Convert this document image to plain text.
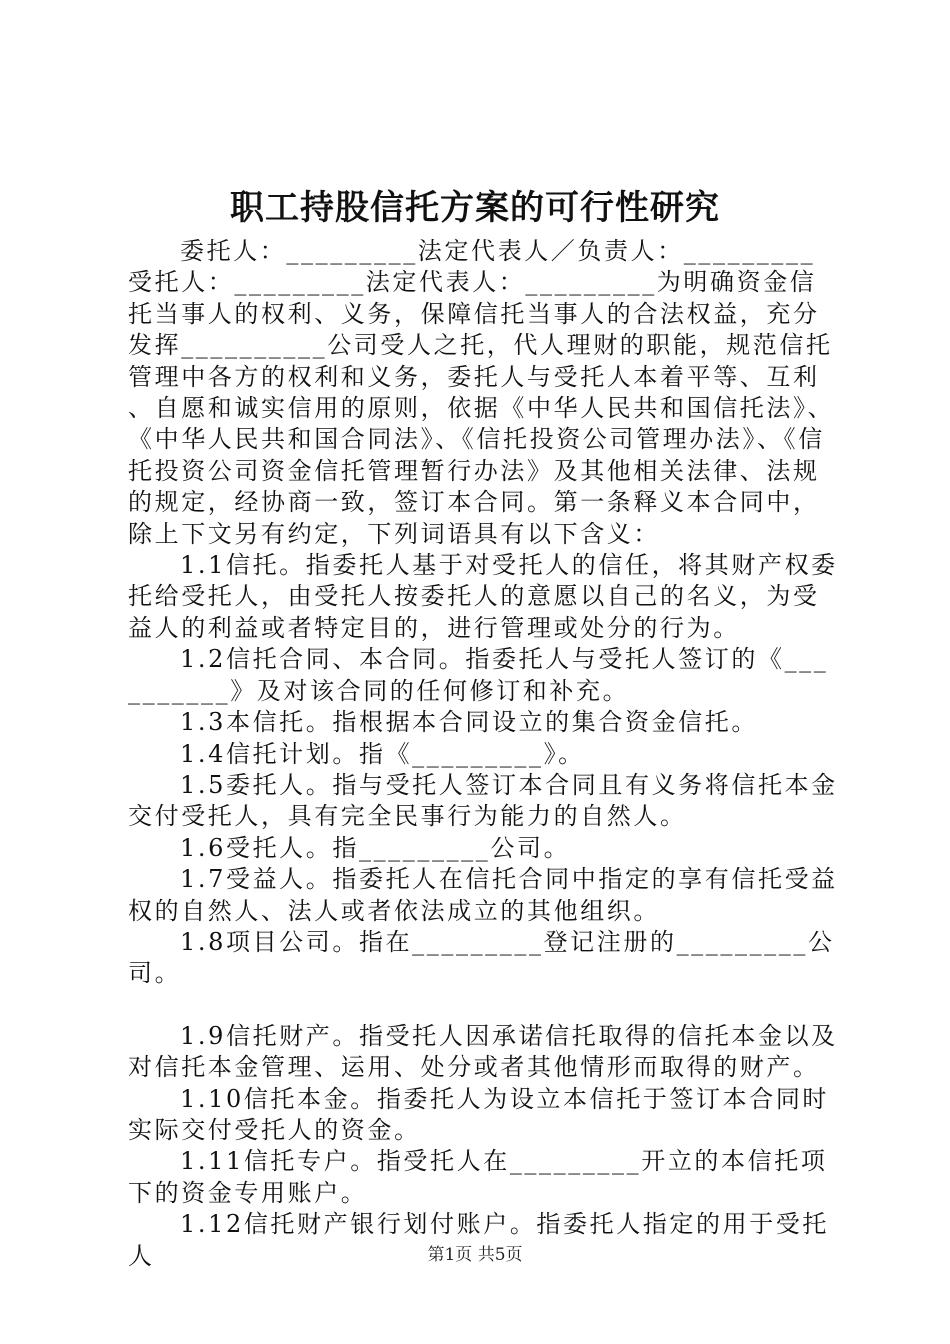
职工持股信托方案的可行性研究

委托人：_________法定代表人／负责人：_________受托人：_________法定代表人：_________为明确资金信托当事人的权利、义务，保障信托当事人的合法权益，充分发挥__________公司受人之托，代人理财的职能，规范信托管理中各方的权利和义务，委托人与受托人本着平等、互利、自愿和诚实信用的原则，依据《中华人民共和国信托法》、《中华人民共和国合同法》、《信托投资公司管理办法》、《信托投资公司资金信托管理暂行办法》及其他相关法律、法规的规定，经协商一致，签订本合同。第一条释义本合同中，除上下文另有约定，下列词语具有以下含义：

1.1信托。指委托人基于对受托人的信任，将其财产权委托给受托人，由受托人按委托人的意愿以自己的名义，为受益人的利益或者特定目的，进行管理或处分的行为。

1.2信托合同、本合同。指委托人与受托人签订的《__________》及对该合同的任何修订和补充。

1.3本信托。指根据本合同设立的集合资金信托。

1.4信托计划。指《_________》。

1.5委托人。指与受托人签订本合同且有义务将信托本金交付受托人，具有完全民事行为能力的自然人。

1.6受托人。指_________公司。

1.7受益人。指委托人在信托合同中指定的享有信托受益权的自然人、法人或者依法成立的其他组织。

1.8项目公司。指在_________登记注册的_________公司。

1.9信托财产。指受托人因承诺信托取得的信托本金以及对信托本金管理、运用、处分或者其他情形而取得的财产。

1.10信托本金。指委托人为设立本信托于签订本合同时实际交付受托人的资金。

1.11信托专户。指受托人在_________开立的本信托项下的资金专用账户。

1.12信托财产银行划付账户。指委托人指定的用于受托人	第1页 共5页
